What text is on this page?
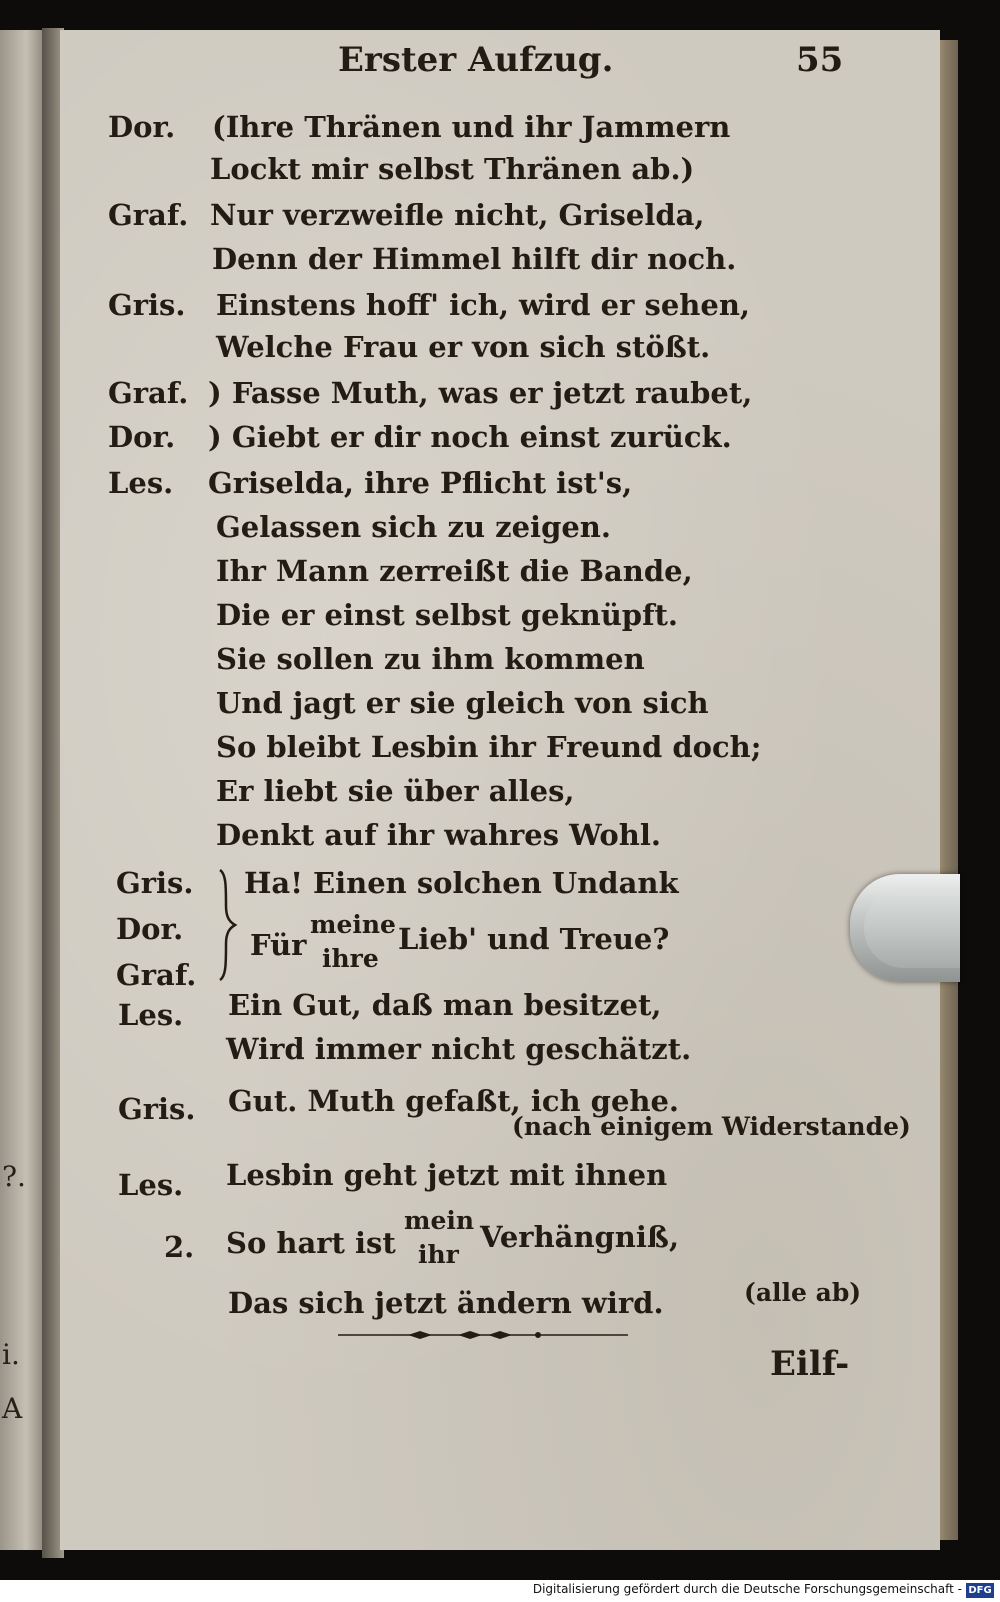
?.
i.
A
Erster Aufzug.	55
Dor. (Ihre Thränen und ihr Jammern
Lockt mir selbst Thränen ab.)
Graf. Nur verzweifle nicht, Griselda,
Denn der Himmel hilft dir noch.
Gris. Einstens hoff' ich, wird er sehen,
Welche Frau er von sich stößt.
Graf. ) Fasse Muth, was er jetzt raubet,
Dor. ) Giebt er dir noch einst zurück.
Les. Griselda, ihre Pflicht ist's,
Gelassen sich zu zeigen.
Ihr Mann zerreißt die Bande,
Die er einst selbst geknüpft.
Sie sollen zu ihm kommen
Und jagt er sie gleich von sich
So bleibt Lesbin ihr Freund doch;
Er liebt sie über alles,
Denkt auf ihr wahres Wohl.
Gris.
Dor.
Graf.
Ha! Einen solchen Undank
Für
meine
ihre
Lieb' und Treue?
Les. Ein Gut, daß man besitzet,
Wird immer nicht geschätzt.
Gris. Gut. Muth gefaßt, ich gehe.
(nach einigem Widerstande)
Les. Lesbin geht jetzt mit ihnen
2. So hart ist
mein
ihr
Verhängniß,
Das sich jetzt ändern wird.	(alle ab)
Eilf-
Digitalisierung gefördert durch die Deutsche Forschungsgemeinschaft - DFG
